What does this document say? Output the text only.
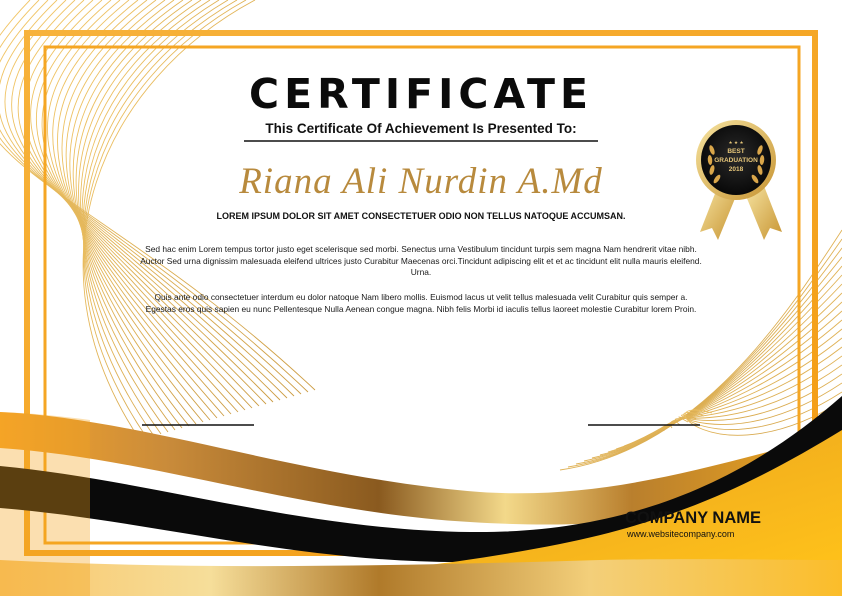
BEST
GRADUATION
2018
★ ★ ★
CERTIFICATE
This Certificate Of Achievement Is Presented To:
Riana Ali Nurdin A.Md
LOREM IPSUM DOLOR SIT AMET CONSECTETUER ODIO NON TELLUS NATOQUE ACCUMSAN.
Sed hac enim Lorem tempus tortor justo eget scelerisque sed morbi. Senectus urna Vestibulum tincidunt turpis sem magna Nam hendrerit vitae nibh. Auctor Sed urna dignissim malesuada eleifend ultrices justo Curabitur Maecenas orci.Tincidunt adipiscing elit et et ac tincidunt elit nulla mauris eleifend. Urna.
Quis ante odio consectetuer interdum eu dolor natoque Nam libero mollis. Euismod lacus ut velit tellus malesuada velit Curabitur quis semper a. Egestas eros quis sapien eu nunc Pellentesque Nulla Aenean congue magna. Nibh felis Morbi id iaculis tellus laoreet molestie Curabitur lorem Proin.
COMPANY NAME
www.websitecompany.com
